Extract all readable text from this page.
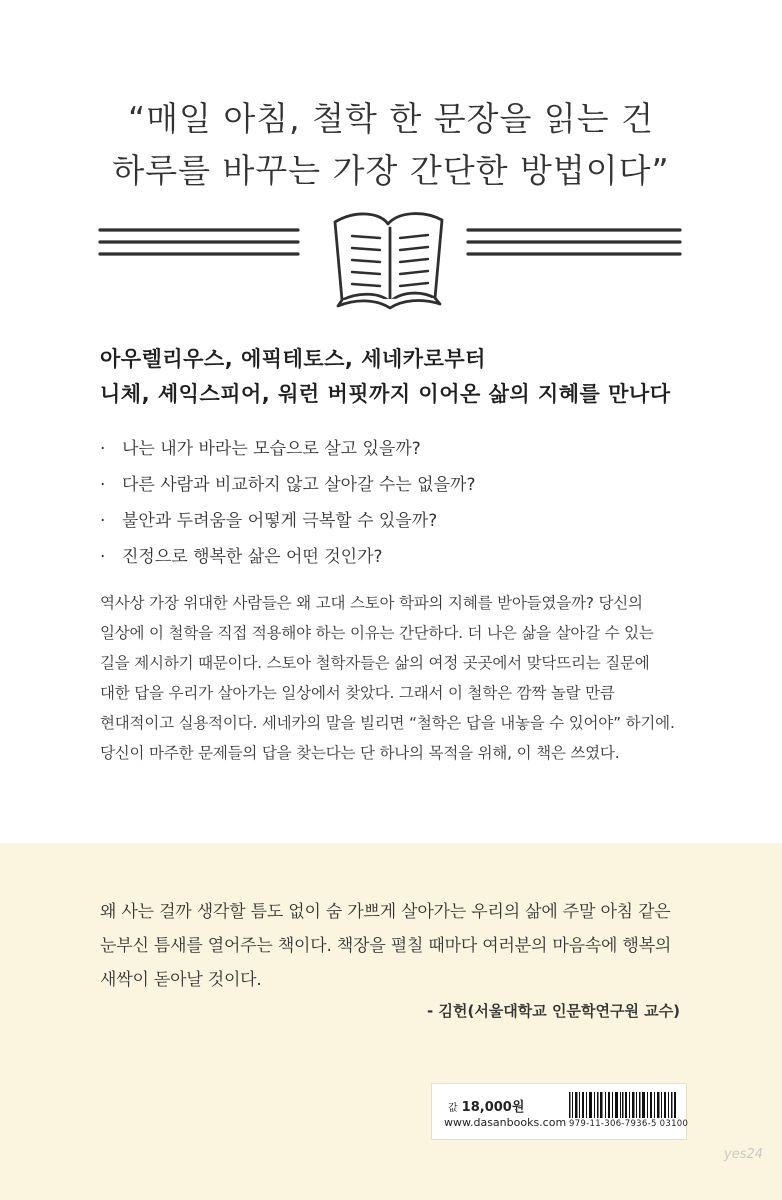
“매일 아침, 철학 한 문장을 읽는 건
하루를 바꾸는 가장 간단한 방법이다”
아우렐리우스, 에픽테토스, 세네카로부터
니체, 셰익스피어, 워런 버핏까지 이어온 삶의 지혜를 만나다
· 나는 내가 바라는 모습으로 살고 있을까?
· 다른 사람과 비교하지 않고 살아갈 수는 없을까?
· 불안과 두려움을 어떻게 극복할 수 있을까?
· 진정으로 행복한 삶은 어떤 것인가?
역사상 가장 위대한 사람들은 왜 고대 스토아 학파의 지혜를 받아들였을까? 당신의
일상에 이 철학을 직접 적용해야 하는 이유는 간단하다. 더 나은 삶을 살아갈 수 있는
길을 제시하기 때문이다. 스토아 철학자들은 삶의 여정 곳곳에서 맞닥뜨리는 질문에
대한 답을 우리가 살아가는 일상에서 찾았다. 그래서 이 철학은 깜짝 놀랄 만큼
현대적이고 실용적이다. 세네카의 말을 빌리면 “철학은 답을 내놓을 수 있어야” 하기에.
당신이 마주한 문제들의 답을 찾는다는 단 하나의 목적을 위해, 이 책은 쓰였다.
왜 사는 걸까 생각할 틈도 없이 숨 가쁘게 살아가는 우리의 삶에 주말 아침 같은
눈부신 틈새를 열어주는 책이다. 책장을 펼칠 때마다 여러분의 마음속에 행복의
새싹이 돋아날 것이다.
- 김헌(서울대학교 인문학연구원 교수)
값 18,000원
www.dasanbooks.com 979-11-306-7936-5 03100
yes24
